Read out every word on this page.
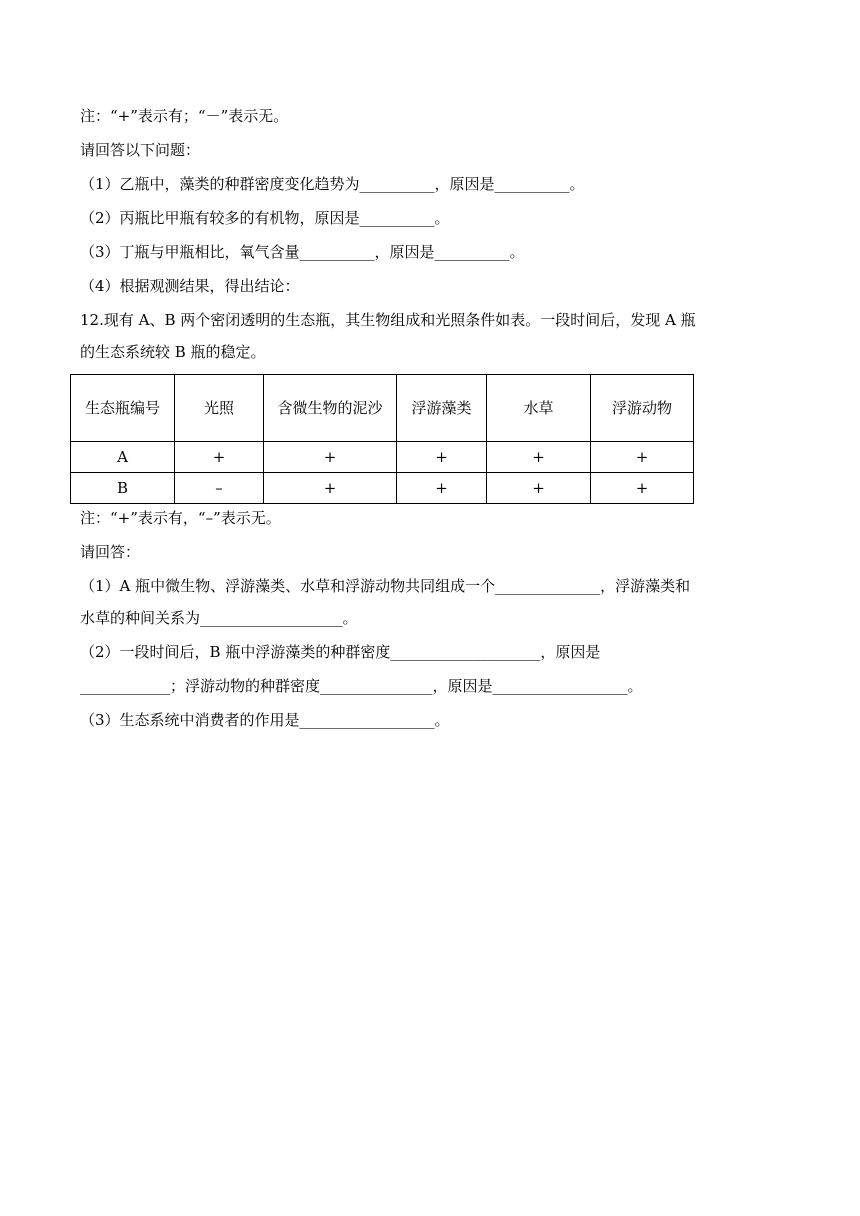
注：“+”表示有；“－”表示无。
请回答以下问题：
（1）乙瓶中，藻类的种群密度变化趋势为__________，原因是__________。
（2）丙瓶比甲瓶有较多的有机物，原因是__________。
（3）丁瓶与甲瓶相比，氧气含量__________，原因是__________。
（4）根据观测结果，得出结论：
12.现有 A、B 两个密闭透明的生态瓶，其生物组成和光照条件如表。一段时间后，发现 A 瓶
的生态系统较 B 瓶的稳定。
生态瓶编号	光照	含微生物的泥沙	浮游藻类	水草	浮游动物
A	+	+	+	+	+
B	–	+	+	+	+
注：“+”表示有，“–”表示无。
请回答：
（1）A 瓶中微生物、浮游藻类、水草和浮游动物共同组成一个______________，浮游藻类和
水草的种间关系为___________________。
（2）一段时间后，B 瓶中浮游藻类的种群密度____________________，原因是
____________；浮游动物的种群密度_______________，原因是__________________。
（3）生态系统中消费者的作用是__________________。
